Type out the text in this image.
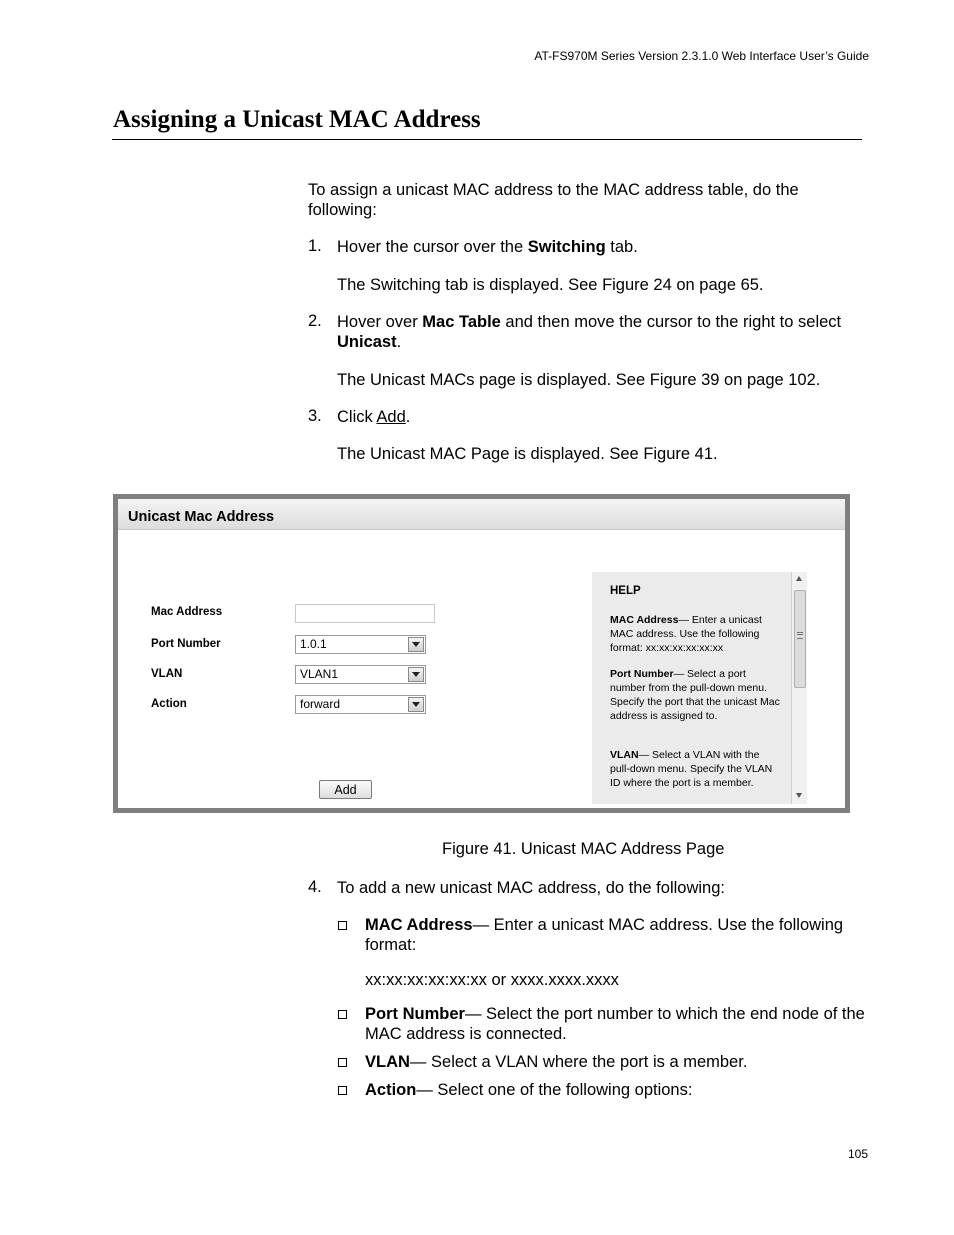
AT-FS970M Series Version 2.3.1.0 Web Interface User’s Guide
Assigning a Unicast MAC Address
To assign a unicast MAC address to the MAC address table, do the following:
1. Hover the cursor over the Switching tab.
The Switching tab is displayed. See Figure 24 on page 65.
2. Hover over Mac Table and then move the cursor to the right to select Unicast.
The Unicast MACs page is displayed. See Figure 39 on page 102.
3. Click Add.
The Unicast MAC Page is displayed. See Figure 41.
Unicast Mac Address
Mac Address
Port Number	1.0.1
VLAN	VLAN1
Action	forward
Add
HELP
MAC Address— Enter a unicast MAC address. Use the following format: xx:xx:xx:xx:xx:xx
Port Number— Select a port number from the pull-down menu.
Specify the port that the unicast Mac address is assigned to.
VLAN— Select a VLAN with the pull-down menu. Specify the VLAN ID where the port is a member.
Figure 41. Unicast MAC Address Page
4. To add a new unicast MAC address, do the following:
MAC Address— Enter a unicast MAC address. Use the following format:
xx:xx:xx:xx:xx:xx or xxxx.xxxx.xxxx
Port Number— Select the port number to which the end node of the MAC address is connected.
VLAN— Select a VLAN where the port is a member.
Action— Select one of the following options:
105
